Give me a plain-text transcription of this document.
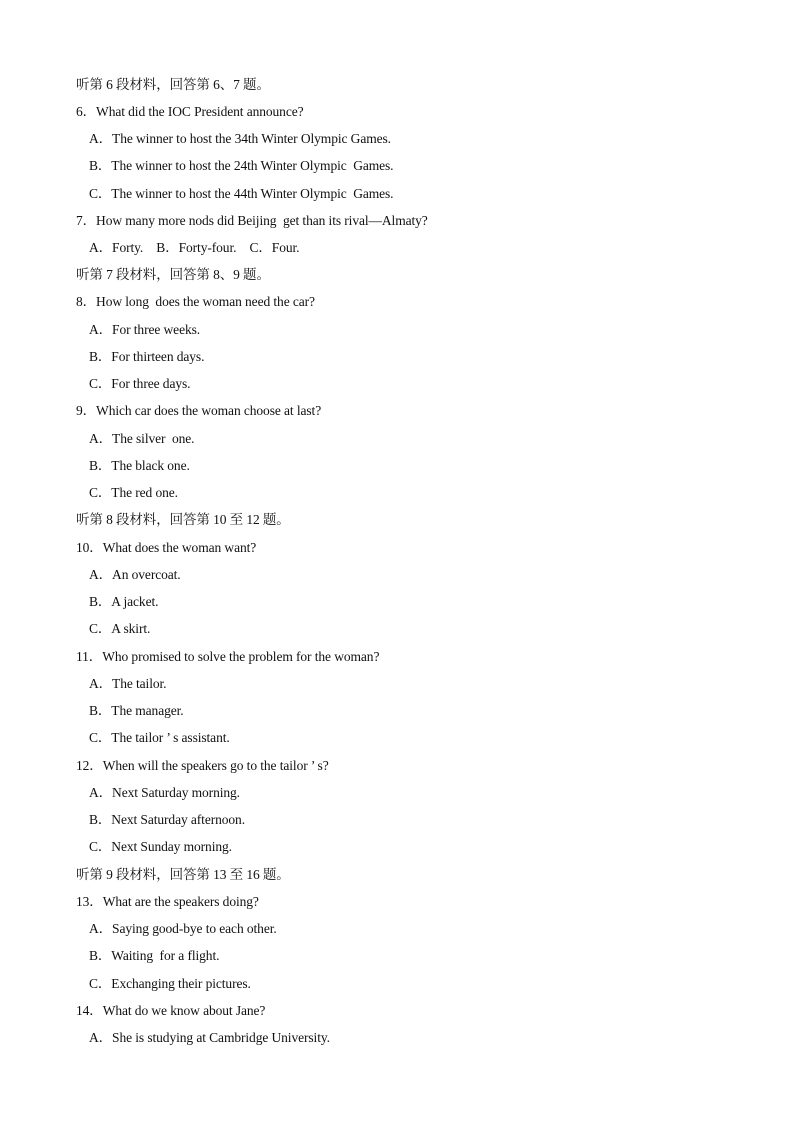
听第 6 段材料，回答第 6、7 题。
6．What did the IOC President announce?
A．The winner to host the 34th Winter Olympic Games.
B．The winner to host the 24th Winter Olympic  Games.
C．The winner to host the 44th Winter Olympic  Games.
7．How many more nods did Beijing  get than its rival—Almaty?
A．Forty.    B．Forty-four.    C．Four.
听第 7 段材料，回答第 8、9 题。
8．How long  does the woman need the car?
A．For three weeks.
B．For thirteen days.
C．For three days.
9．Which car does the woman choose at last?
A．The silver  one.
B．The black one.
C．The red one.
听第 8 段材料，回答第 10 至 12 题。
10．What does the woman want?
A．An overcoat.
B．A jacket.
C．A skirt.
11．Who promised to solve the problem for the woman?
A．The tailor.
B．The manager.
C．The tailor ’ s assistant.
12．When will the speakers go to the tailor ’ s?
A．Next Saturday morning.
B．Next Saturday afternoon.
C．Next Sunday morning.
听第 9 段材料，回答第 13 至 16 题。
13．What are the speakers doing?
A．Saying good-bye to each other.
B．Waiting  for a flight.
C．Exchanging their pictures.
14．What do we know about Jane?
A．She is studying at Cambridge University.
